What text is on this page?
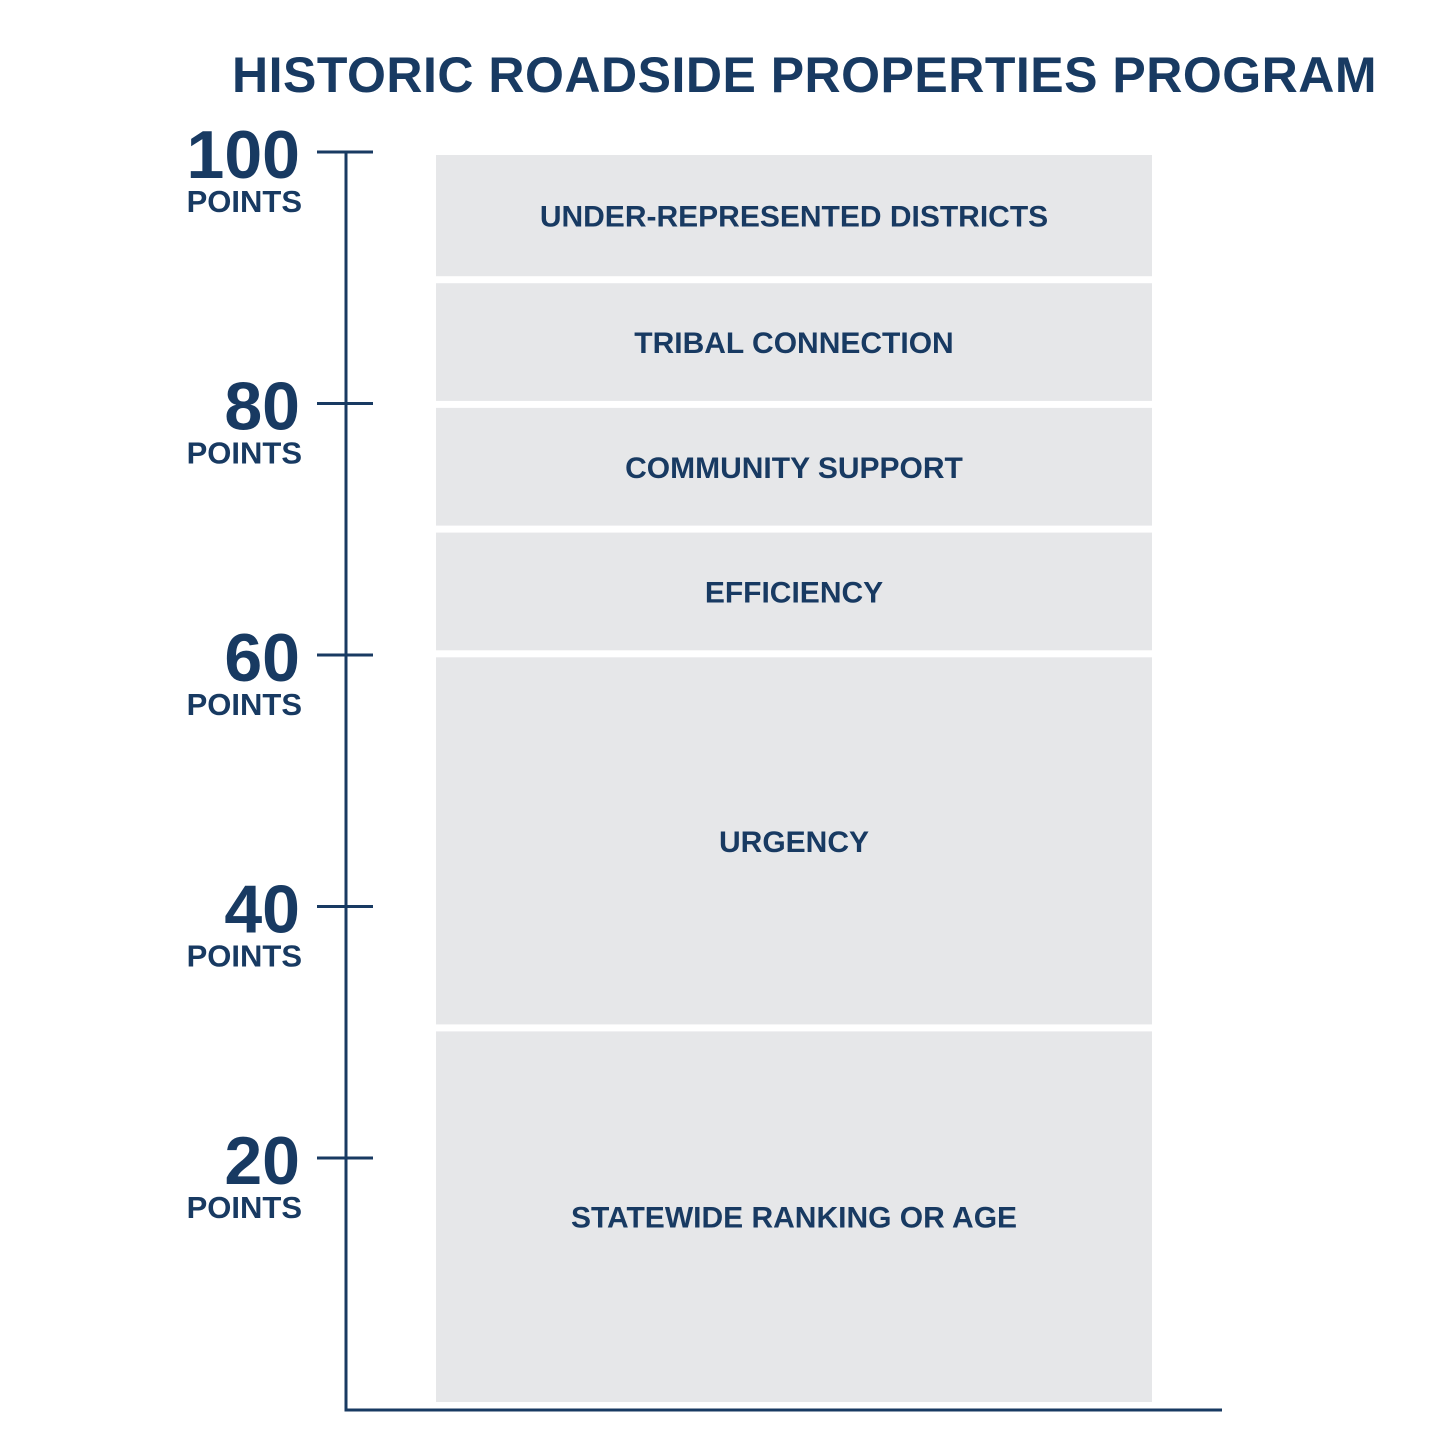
HISTORIC ROADSIDE PROPERTIES PROGRAM
STATEWIDE RANKING OR AGE
URGENCY
EFFICIENCY
COMMUNITY SUPPORT
TRIBAL CONNECTION
UNDER-REPRESENTED DISTRICTS
100
POINTS
80
POINTS
60
POINTS
40
POINTS
20
POINTS
